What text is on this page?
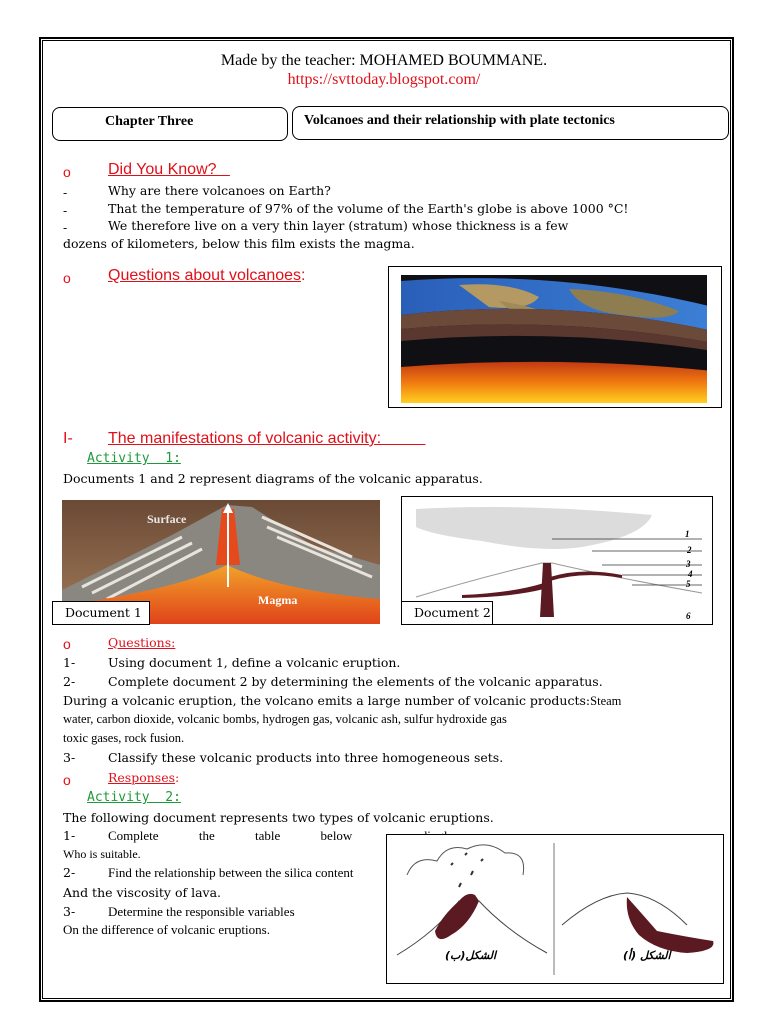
Made by the teacher: MOHAMED BOUMMANE.
https://svttoday.blogspot.com/
Chapter Three	Volcanoes and their relationship with plate tectonics
o Did You Know?
-	Why are there volcanoes on Earth?
-	That the temperature of 97% of the volume of the Earth's globe is above 1000 °C!
-	We therefore live on a very thin layer (stratum) whose thickness is a few
dozens of kilometers, below this film exists the magma.
o Questions about volcanoes:
I- The manifestations of volcanic activity:
Activity  1:
Documents 1 and 2 represent diagrams of the volcanic apparatus.
Surface
Magma
Document 1
1
2
3
4
5
6
Document 2
o	Questions:
1-	Using document 1, define a volcanic eruption.
2-	Complete document 2 by determining the elements of the volcanic apparatus.
During a volcanic eruption, the volcano emits a large number of volcanic products:Steam
water, carbon dioxide, volcanic bombs, hydrogen gas, volcanic ash, sulfur hydroxide gas
toxic gases, rock fusion.
3-	Classify these volcanic products into three homogeneous sets.
o	Responses:
Activity  2:
The following document represents two types of volcanic eruptions.
1-	Complete	the	table	below
Who is suitable.
2-	Find the relationship between the silica content
And the viscosity of lava.
3-	Determine the responsible variables
On the difference of volcanic eruptions.
الشكل(ب)	الشكل (أ)
